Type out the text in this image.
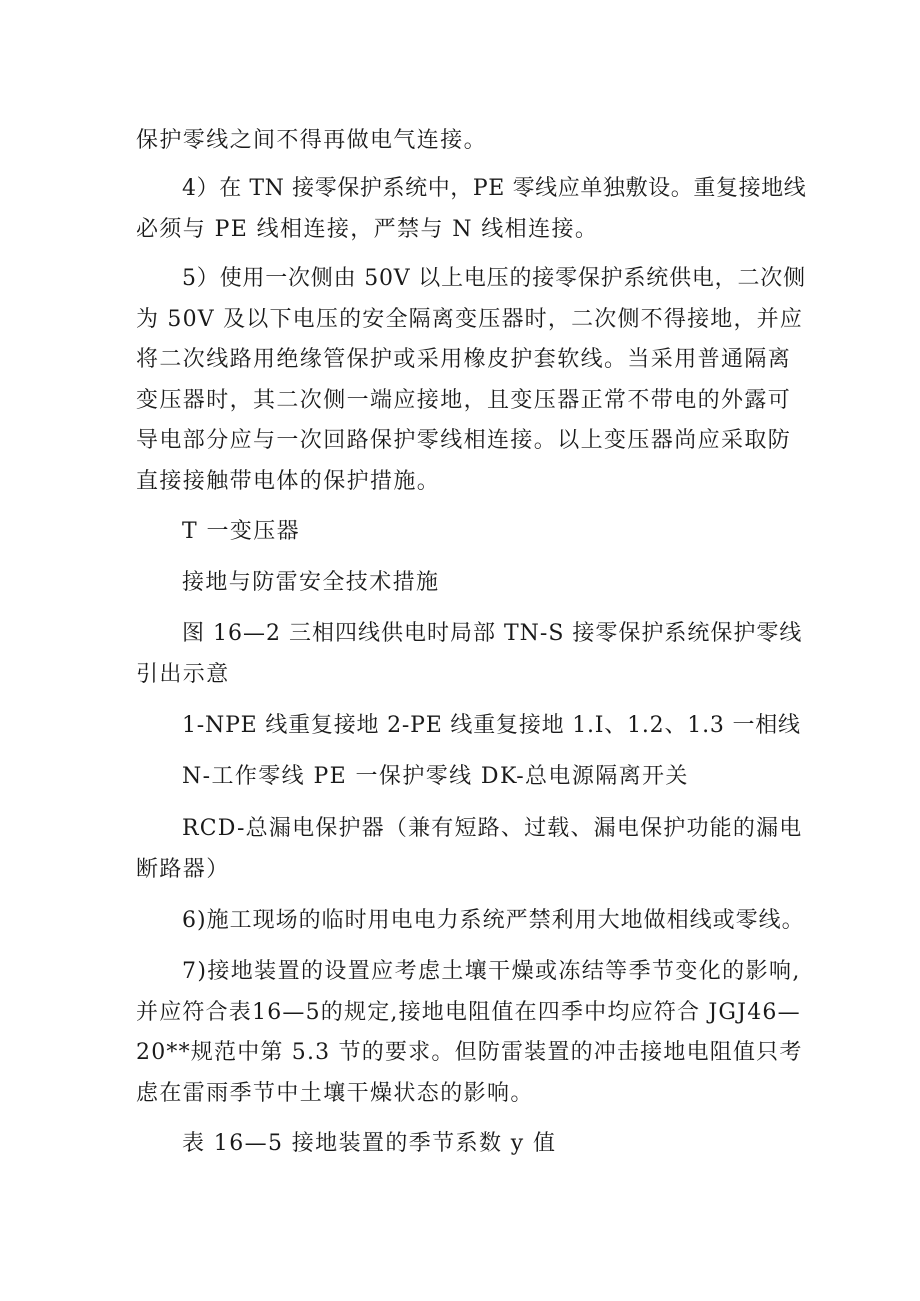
保护零线之间不得再做电气连接。
4）在 TN 接零保护系统中，PE 零线应单独敷设。重复接地线
必须与 PE 线相连接，严禁与 N 线相连接。
5）使用一次侧由 50V 以上电压的接零保护系统供电，二次侧
为 50V 及以下电压的安全隔离变压器时，二次侧不得接地，并应
将二次线路用绝缘管保护或采用橡皮护套软线。当采用普通隔离
变压器时，其二次侧一端应接地，且变压器正常不带电的外露可
导电部分应与一次回路保护零线相连接。以上变压器尚应采取防
直接接触带电体的保护措施。
T 一变压器
接地与防雷安全技术措施
图 16—2 三相四线供电时局部 TN-S 接零保护系统保护零线
引出示意
1-NPE 线重复接地 2-PE 线重复接地 1.I、1.2、1.3 一相线
N-工作零线 PE 一保护零线 DK-总电源隔离开关
RCD-总漏电保护器（兼有短路、过载、漏电保护功能的漏电
断路器）
6)施工现场的临时用电电力系统严禁利用大地做相线或零线。
7)接地装置的设置应考虑土壤干燥或冻结等季节变化的影响,
并应符合表16—5的规定,接地电阻值在四季中均应符合 JGJ46—
20**规范中第 5.3 节的要求。但防雷装置的冲击接地电阻值只考
虑在雷雨季节中土壤干燥状态的影响。
表 16—5 接地装置的季节系数 y 值
